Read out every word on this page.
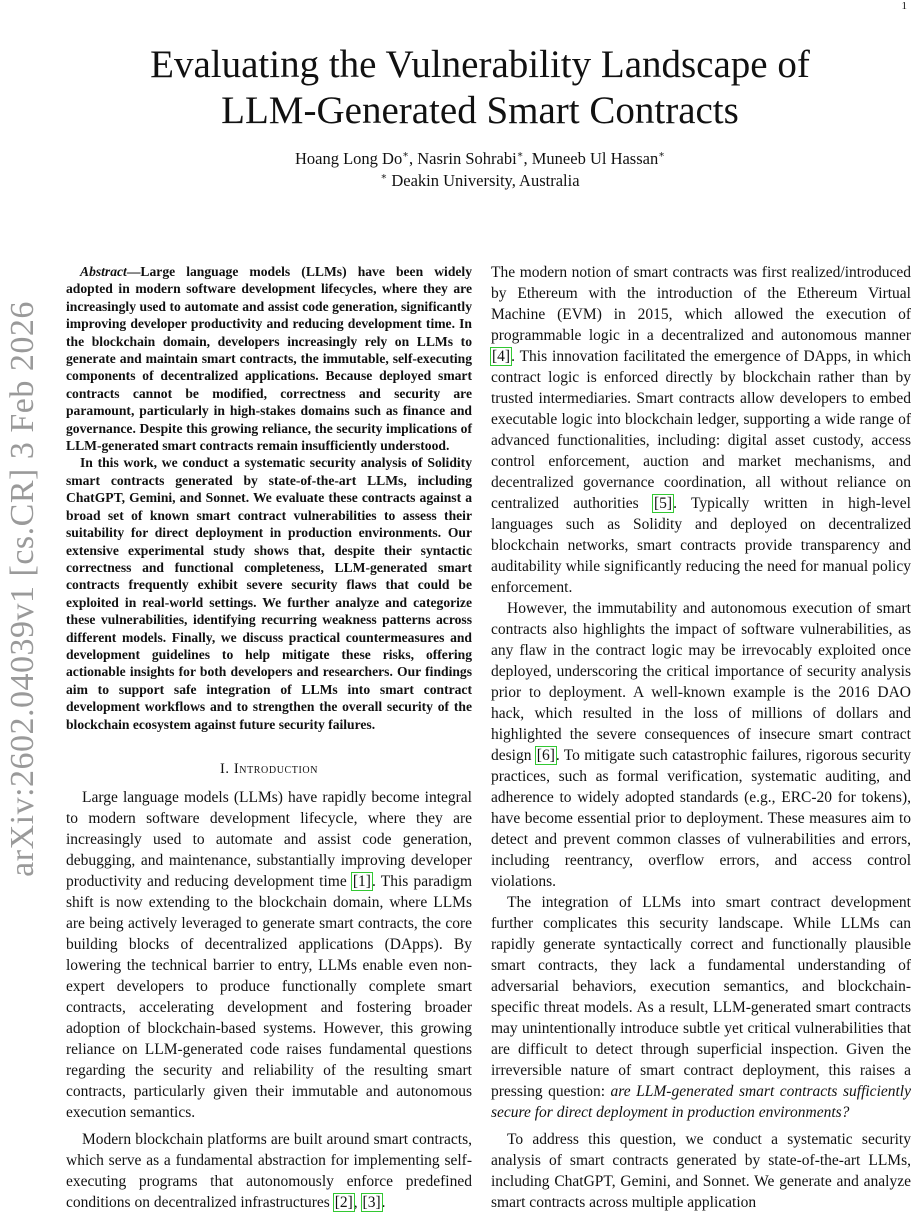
1
arXiv:2602.04039v1 [cs.CR] 3 Feb 2026
Evaluating the Vulnerability Landscape of
LLM-Generated Smart Contracts
Hoang Long Do∗, Nasrin Sohrabi∗, Muneeb Ul Hassan∗
∗ Deakin University, Australia

Abstract—Large language models (LLMs) have been widely adopted in modern software development lifecycles, where they are increasingly used to automate and assist code generation, significantly improving developer productivity and reducing development time. In the blockchain domain, developers increasingly rely on LLMs to generate and maintain smart contracts, the immutable, self-executing components of decentralized applications. Because deployed smart contracts cannot be modified, correctness and security are paramount, particularly in high-stakes domains such as finance and governance. Despite this growing reliance, the security implications of LLM-generated smart contracts remain insufficiently understood.

In this work, we conduct a systematic security analysis of Solidity smart contracts generated by state-of-the-art LLMs, including ChatGPT, Gemini, and Sonnet. We evaluate these contracts against a broad set of known smart contract vulnerabilities to assess their suitability for direct deployment in production environments. Our extensive experimental study shows that, despite their syntactic correctness and functional completeness, LLM-generated smart contracts frequently exhibit severe security flaws that could be exploited in real-world settings. We further analyze and categorize these vulnerabilities, identifying recurring weakness patterns across different models. Finally, we discuss practical countermeasures and development guidelines to help mitigate these risks, offering actionable insights for both developers and researchers. Our findings aim to support safe integration of LLMs into smart contract development workflows and to strengthen the overall security of the blockchain ecosystem against future security failures.

I. Introduction

Large language models (LLMs) have rapidly become integral to modern software development lifecycle, where they are increasingly used to automate and assist code generation, debugging, and maintenance, substantially improving developer productivity and reducing development time [1]. This paradigm shift is now extending to the blockchain domain, where LLMs are being actively leveraged to generate smart contracts, the core building blocks of decentralized applications (DApps). By lowering the technical barrier to entry, LLMs enable even non-expert developers to produce functionally complete smart contracts, accelerating development and fostering broader adoption of blockchain-based systems. However, this growing reliance on LLM-generated code raises fundamental questions regarding the security and reliability of the resulting smart contracts, particularly given their immutable and autonomous execution semantics.

Modern blockchain platforms are built around smart contracts, which serve as a fundamental abstraction for implementing self-executing programs that autonomously enforce predefined conditions on decentralized infrastructures [2], [3].

The modern notion of smart contracts was first realized/introduced by Ethereum with the introduction of the Ethereum Virtual Machine (EVM) in 2015, which allowed the execution of programmable logic in a decentralized and autonomous manner [4]. This innovation facilitated the emergence of DApps, in which contract logic is enforced directly by blockchain rather than by trusted intermediaries. Smart contracts allow developers to embed executable logic into blockchain ledger, supporting a wide range of advanced functionalities, including: digital asset custody, access control enforcement, auction and market mechanisms, and decentralized governance coordination, all without reliance on centralized authorities [5]. Typically written in high-level languages such as Solidity and deployed on decentralized blockchain networks, smart contracts provide transparency and auditability while significantly reducing the need for manual policy enforcement.

However, the immutability and autonomous execution of smart contracts also highlights the impact of software vulnerabilities, as any flaw in the contract logic may be irrevocably exploited once deployed, underscoring the critical importance of security analysis prior to deployment. A well-known example is the 2016 DAO hack, which resulted in the loss of millions of dollars and highlighted the severe consequences of insecure smart contract design [6]. To mitigate such catastrophic failures, rigorous security practices, such as formal verification, systematic auditing, and adherence to widely adopted standards (e.g., ERC-20 for tokens), have become essential prior to deployment. These measures aim to detect and prevent common classes of vulnerabilities and errors, including reentrancy, overflow errors, and access control violations.

The integration of LLMs into smart contract development further complicates this security landscape. While LLMs can rapidly generate syntactically correct and functionally plausible smart contracts, they lack a fundamental understanding of adversarial behaviors, execution semantics, and blockchain-specific threat models. As a result, LLM-generated smart contracts may unintentionally introduce subtle yet critical vulnerabilities that are difficult to detect through superficial inspection. Given the irreversible nature of smart contract deployment, this raises a pressing question: are LLM-generated smart contracts sufficiently secure for direct deployment in production environments?

To address this question, we conduct a systematic security analysis of smart contracts generated by state-of-the-art LLMs, including ChatGPT, Gemini, and Sonnet. We generate and analyze smart contracts across multiple application
